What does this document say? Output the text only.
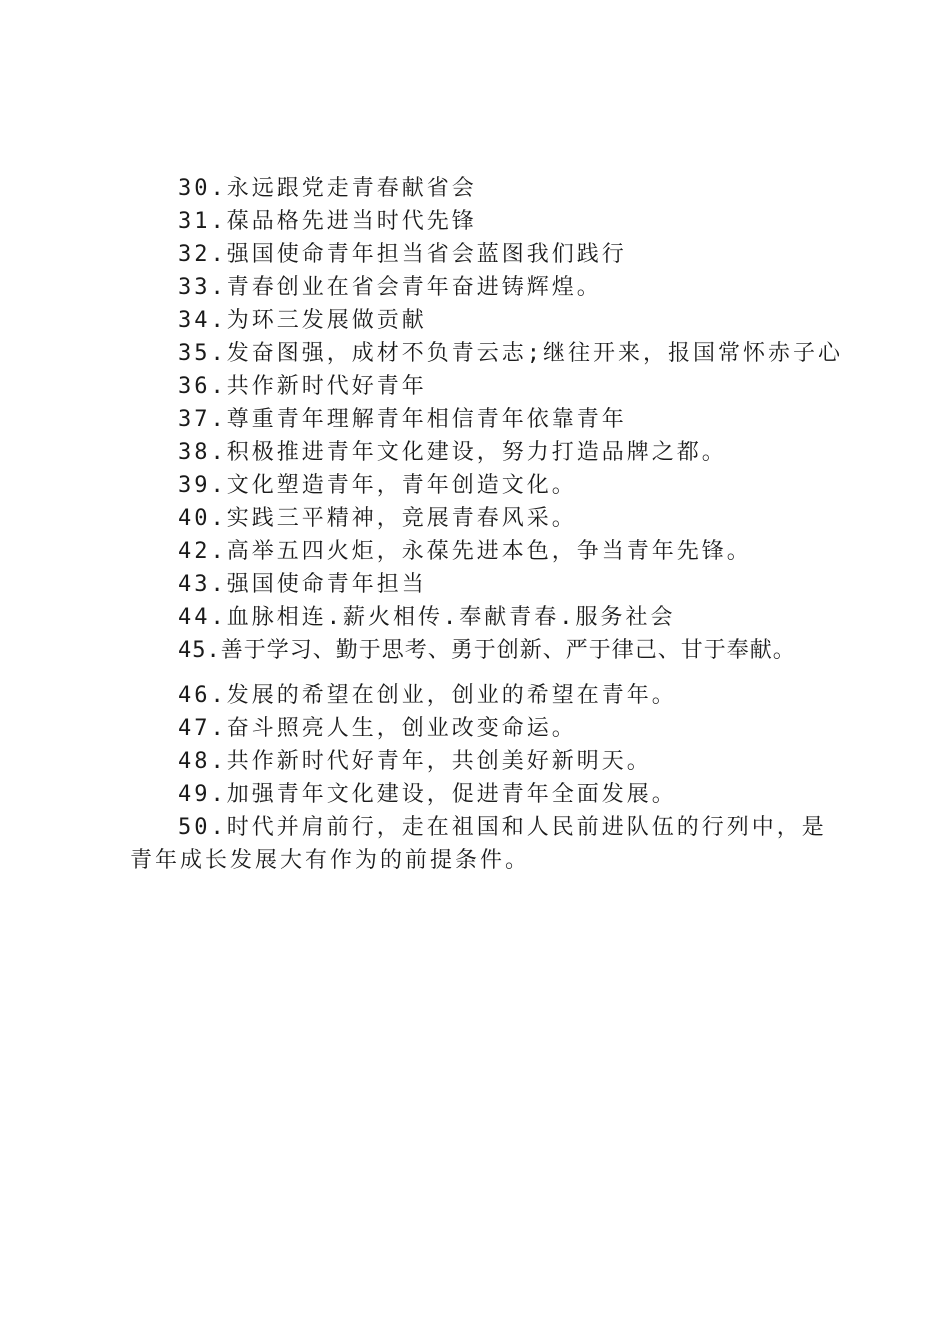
30.永远跟党走青春献省会
31.葆品格先进当时代先锋
32.强国使命青年担当省会蓝图我们践行
33.青春创业在省会青年奋进铸辉煌。
34.为环三发展做贡献
35.发奋图强，成材不负青云志;继往开来，报国常怀赤子心
36.共作新时代好青年
37.尊重青年理解青年相信青年依靠青年
38.积极推进青年文化建设，努力打造品牌之都。
39.文化塑造青年，青年创造文化。
40.实践三平精神，竞展青春风采。
42.高举五四火炬，永葆先进本色，争当青年先锋。
43.强国使命青年担当
44.血脉相连.薪火相传.奉献青春.服务社会
45.善于学习、勤于思考、勇于创新、严于律己、甘于奉献。
46.发展的希望在创业，创业的希望在青年。
47.奋斗照亮人生，创业改变命运。
48.共作新时代好青年，共创美好新明天。
49.加强青年文化建设，促进青年全面发展。
50.时代并肩前行，走在祖国和人民前进队伍的行列中，是青年成长发展大有作为的前提条件。
